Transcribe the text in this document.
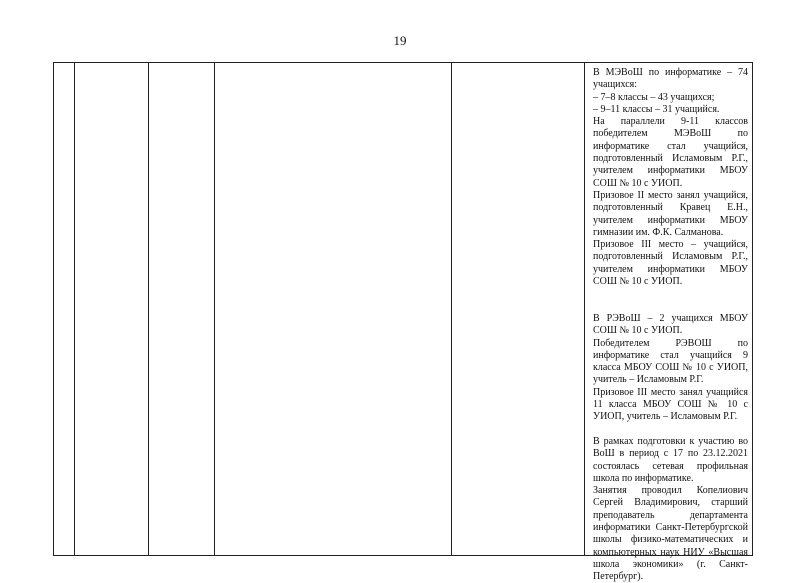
19

В МЭВоШ по информатике – 74 учащихся:

– 7–8 классы – 43 учащихся;

– 9–11 классы – 31 учащийся.

На параллели 9-11 классов победителем МЭВоШ по информатике стал учащийся, подготовленный Исламовым Р.Г., учителем информатики МБОУ СОШ № 10 с УИОП.

Призовое II место занял учащийся, подготовленный Кравец Е.Н., учителем информатики МБОУ гимназии им. Ф.К. Салманова.

Призовое III место – учащийся, подготовленный Исламовым Р.Г., учителем информатики МБОУ СОШ № 10 с УИОП.

В РЭВоШ – 2 учащихся МБОУ СОШ № 10 с УИОП.

Победителем РЭВОШ по информатике стал учащийся 9 класса МБОУ СОШ № 10 с УИОП, учитель – Исламовым Р.Г.

Призовое III место занял учащийся 11 класса МБОУ СОШ № 10 с УИОП, учитель – Исламовым Р.Г.

В рамках подготовки к участию во ВоШ в период с 17 по 23.12.2021 состоялась сетевая профильная школа по информатике.

Занятия проводил Копелиович Сергей Владимирович, старший преподаватель департамента информатики Санкт-Петербургской школы физико-математических и компьютерных наук НИУ «Высшая школа экономики» (г. Санкт-Петербург).
